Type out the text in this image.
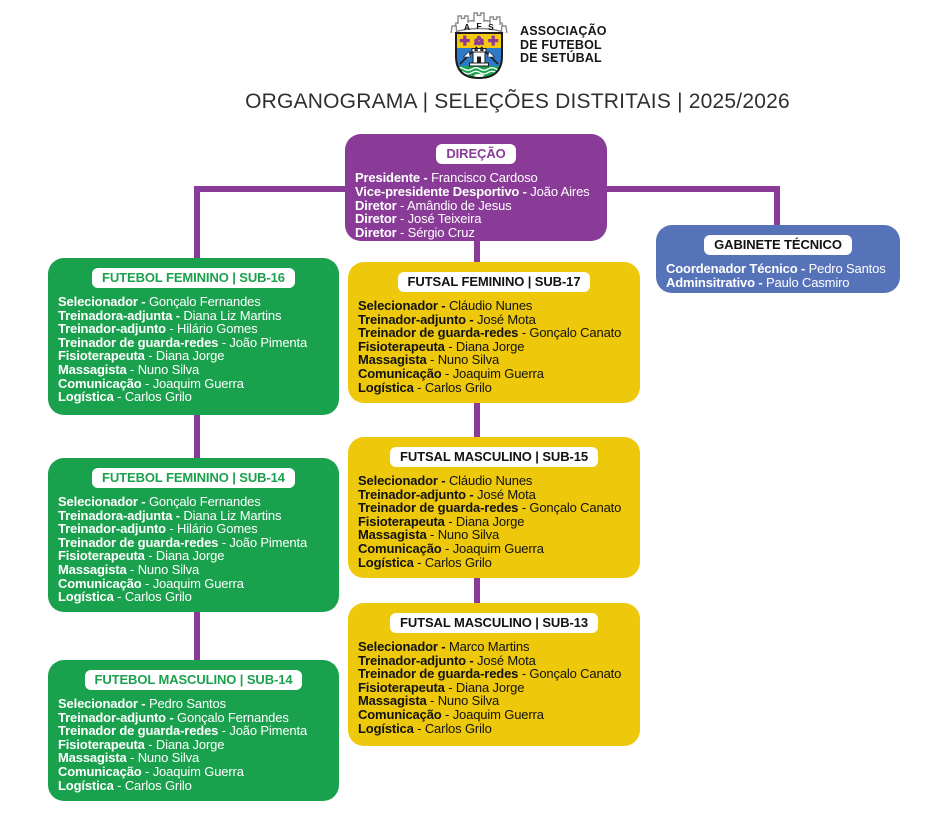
A F S ASSOCIAÇÃO
DE FUTEBOL
DE SETÚBAL
ORGANOGRAMA | SELEÇÕES DISTRITAIS | 2025/2026
DIREÇÃO
Presidente - Francisco Cardoso
Vice-presidente Desportivo - João Aires
Diretor - Amândio de Jesus
Diretor - José Teixeira
Diretor - Sérgio Cruz
GABINETE TÉCNICO
Coordenador Técnico - Pedro Santos
Adminsitrativo - Paulo Casmiro
FUTEBOL FEMININO | SUB-16
Selecionador - Gonçalo Fernandes
Treinadora-adjunta - Diana Liz Martins
Treinador-adjunto - Hilário Gomes
Treinador de guarda-redes - João Pimenta
Fisioterapeuta - Diana Jorge
Massagista - Nuno Silva
Comunicação - Joaquim Guerra
Logística - Carlos Grilo
FUTSAL FEMININO | SUB-17
Selecionador - Cláudio Nunes
Treinador-adjunto - José Mota
Treinador de guarda-redes - Gonçalo Canato
Fisioterapeuta - Diana Jorge
Massagista - Nuno Silva
Comunicação - Joaquim Guerra
Logística - Carlos Grilo
FUTEBOL FEMININO | SUB-14
Selecionador - Gonçalo Fernandes
Treinadora-adjunta - Diana Liz Martins
Treinador-adjunto - Hilário Gomes
Treinador de guarda-redes - João Pimenta
Fisioterapeuta - Diana Jorge
Massagista - Nuno Silva
Comunicação - Joaquim Guerra
Logística - Carlos Grilo
FUTSAL MASCULINO | SUB-15
Selecionador - Cláudio Nunes
Treinador-adjunto - José Mota
Treinador de guarda-redes - Gonçalo Canato
Fisioterapeuta - Diana Jorge
Massagista - Nuno Silva
Comunicação - Joaquim Guerra
Logística - Carlos Grilo
FUTEBOL MASCULINO | SUB-14
Selecionador - Pedro Santos
Treinador-adjunto - Gonçalo Fernandes
Treinador de guarda-redes - João Pimenta
Fisioterapeuta - Diana Jorge
Massagista - Nuno Silva
Comunicação - Joaquim Guerra
Logística - Carlos Grilo
FUTSAL MASCULINO | SUB-13
Selecionador - Marco Martins
Treinador-adjunto - José Mota
Treinador de guarda-redes - Gonçalo Canato
Fisioterapeuta - Diana Jorge
Massagista - Nuno Silva
Comunicação - Joaquim Guerra
Logística - Carlos Grilo
